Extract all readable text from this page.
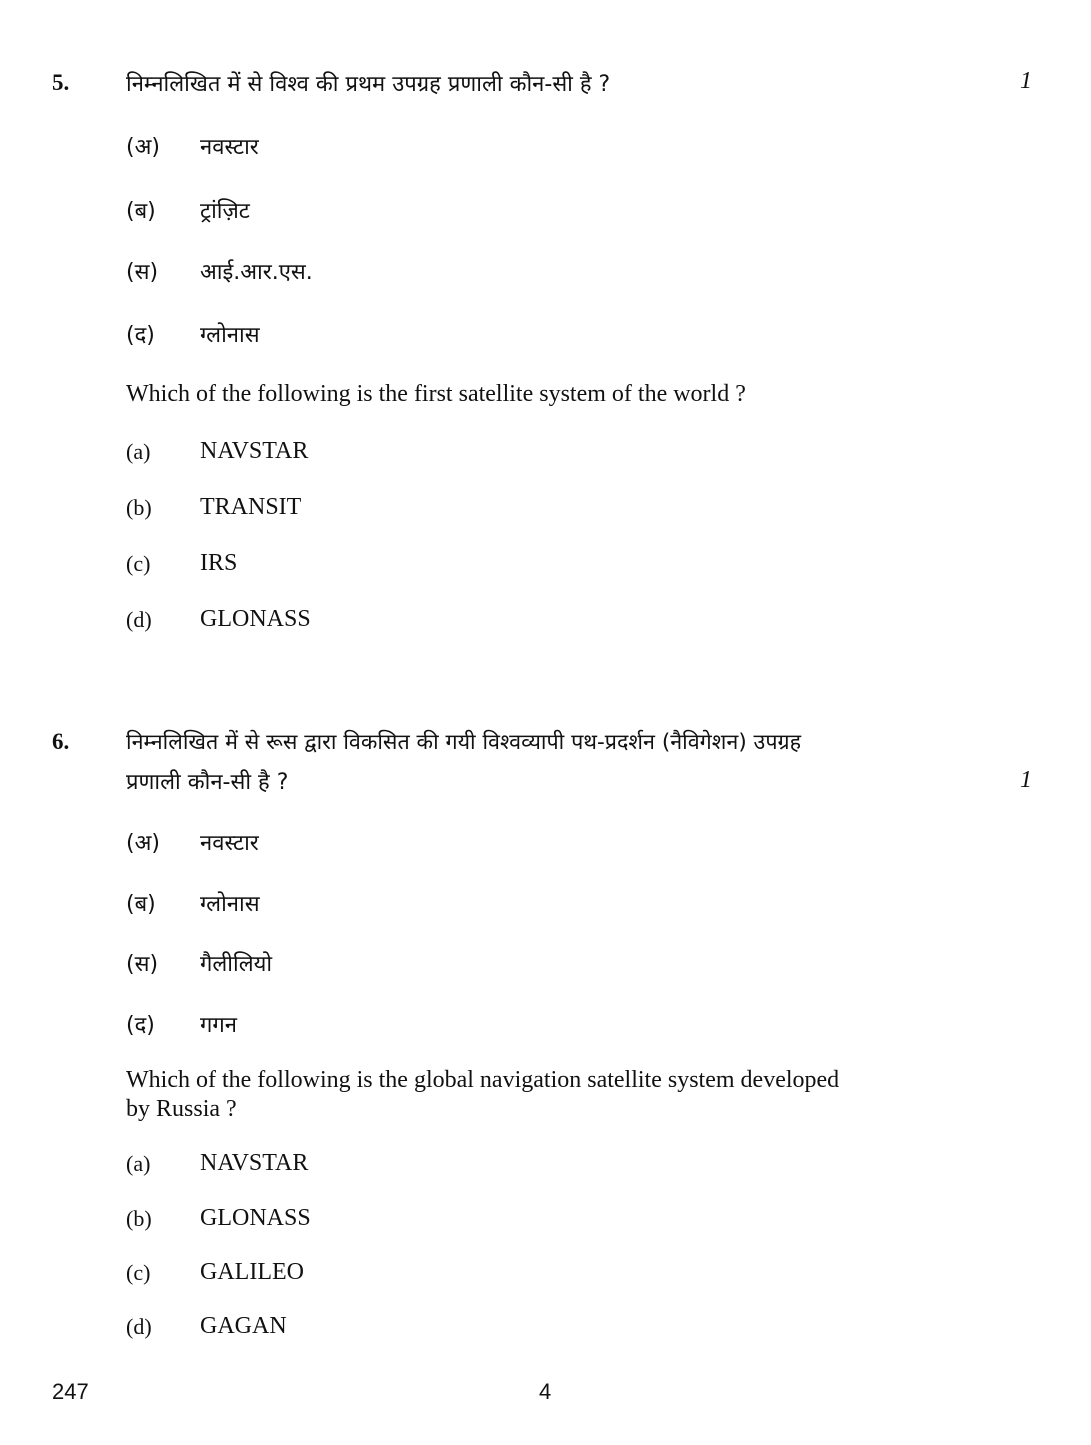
5.	निम्नलिखित में से विश्व की प्रथम उपग्रह प्रणाली कौन-सी है ?	1
(अ) नवस्टार
(ब) ट्रांज़िट
(स) आई.आर.एस.
(द) ग्लोनास
Which of the following is the first satellite system of the world ?
(a) NAVSTAR
(b) TRANSIT
(c) IRS
(d) GLONASS
6.	निम्नलिखित में से रूस द्वारा विकसित की गयी विश्वव्यापी पथ-प्रदर्शन (नैविगेशन) उपग्रह
प्रणाली कौन-सी है ?	1
(अ) नवस्टार
(ब) ग्लोनास
(स) गैलीलियो
(द) गगन
Which of the following is the global navigation satellite system developed
by Russia ?
(a) NAVSTAR
(b) GLONASS
(c) GALILEO
(d) GAGAN
247	4
